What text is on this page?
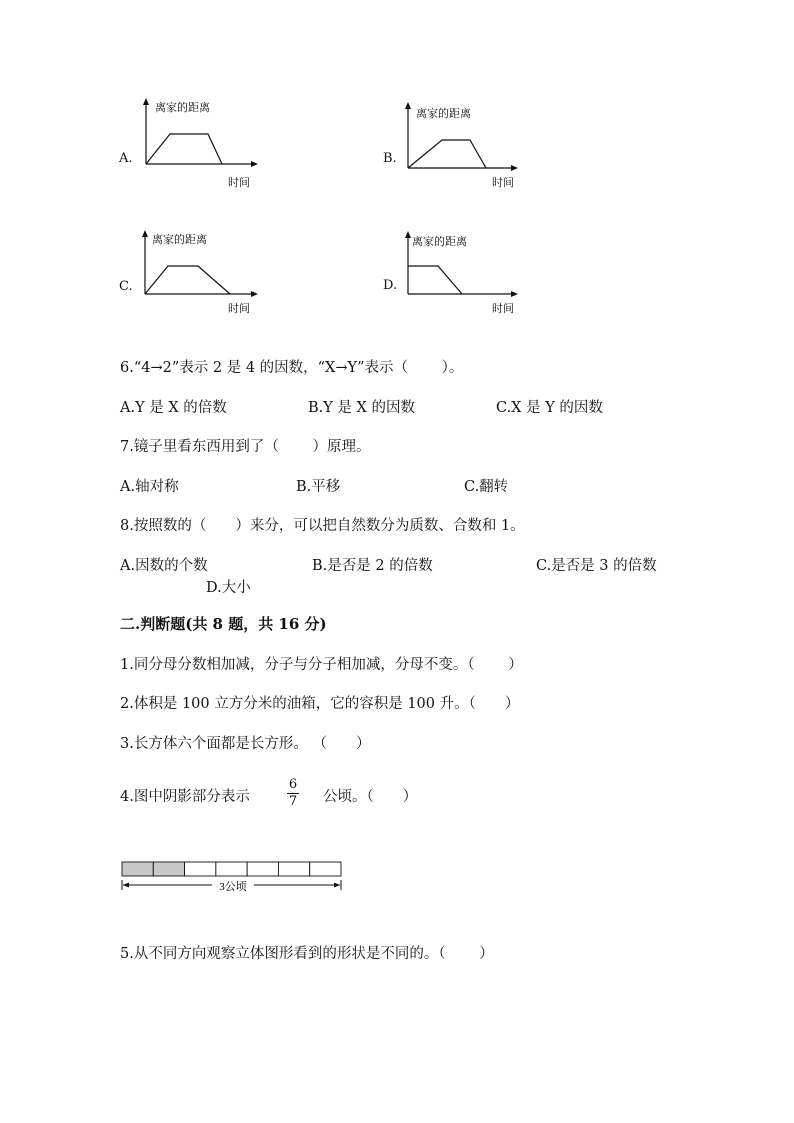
A.
离家的距离
时间
B.
离家的距离
时间
C.
离家的距离
时间
D.
离家的距离
时间
6.“4→2”表示 2 是 4 的因数，“X→Y”表示（　　 ）。
A.Y 是 X 的倍数	B.Y 是 X 的因数	C.X 是 Y 的因数
7.镜子里看东西用到了（　　 ）原理。
A.轴对称	B.平移	C.翻转
8.按照数的（　　）来分，可以把自然数分为质数、合数和 1。
A.因数的个数	B.是否是 2 的倍数	C.是否是 3 的倍数
D.大小
二.判断题(共 8 题，共 16 分)
1.同分母分数相加减，分子与分子相加减，分母不变。（　　 ）
2.体积是 100 立方分米的油箱，它的容积是 100 升。（　　）
3.长方体六个面都是长方形。 （　　）
4.图中阴影部分表示
6
7 公顷。（　　）
3公顷
5.从不同方向观察立体图形看到的形状是不同的。（　　 ）
